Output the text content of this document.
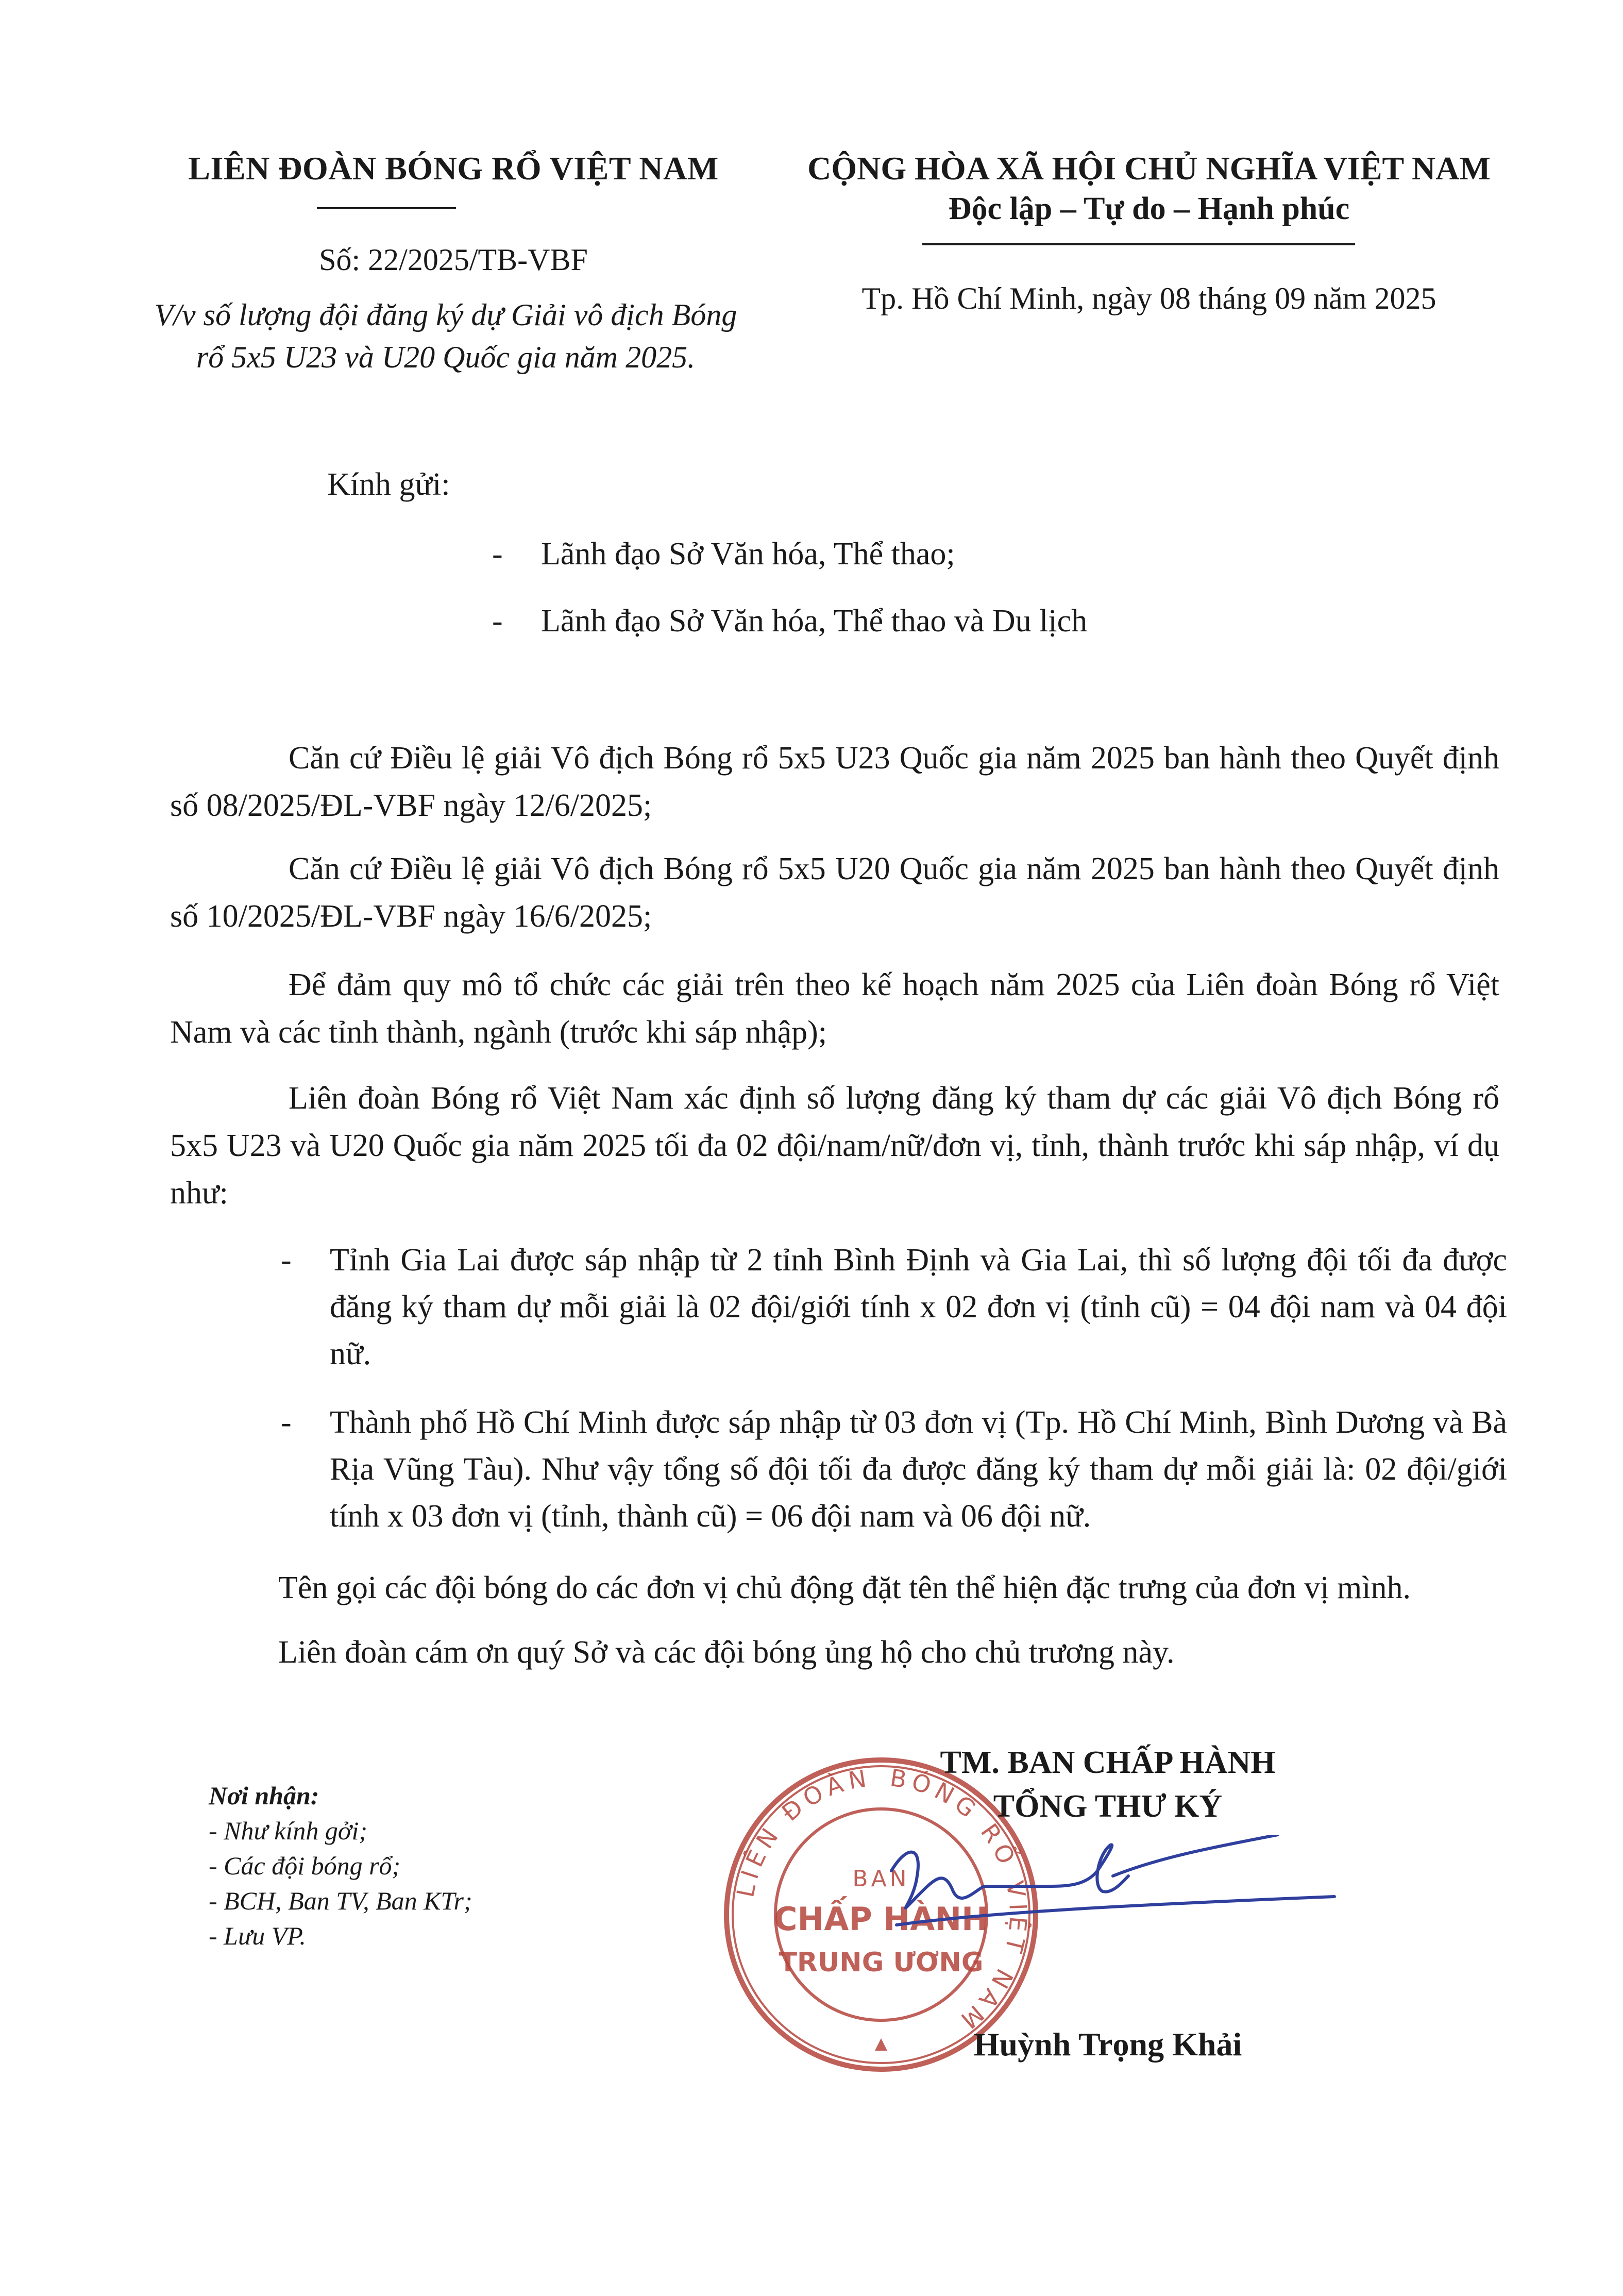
LIÊN ĐOÀN BÓNG RỔ VIỆT NAM
Số: 22/2025/TB-VBF
V/v số lượng đội đăng ký dự Giải vô địch Bóng rổ 5x5 U23 và U20 Quốc gia năm 2025.
CỘNG HÒA XÃ HỘI CHỦ NGHĨA VIỆT NAM
Độc lập – Tự do – Hạnh phúc
Tp. Hồ Chí Minh, ngày 08 tháng 09 năm 2025
Kính gửi:
- Lãnh đạo Sở Văn hóa, Thể thao;
- Lãnh đạo Sở Văn hóa, Thể thao và Du lịch
Căn cứ Điều lệ giải Vô địch Bóng rổ 5x5 U23 Quốc gia năm 2025 ban hành theo Quyết định số 08/2025/ĐL-VBF ngày 12/6/2025;
Căn cứ Điều lệ giải Vô địch Bóng rổ 5x5 U20 Quốc gia năm 2025 ban hành theo Quyết định số 10/2025/ĐL-VBF ngày 16/6/2025;
Để đảm quy mô tổ chức các giải trên theo kế hoạch năm 2025 của Liên đoàn Bóng rổ Việt Nam và các tỉnh thành, ngành (trước khi sáp nhập);
Liên đoàn Bóng rổ Việt Nam xác định số lượng đăng ký tham dự các giải Vô địch Bóng rổ 5x5 U23 và U20 Quốc gia năm 2025 tối đa 02 đội/nam/nữ/đơn vị, tỉnh, thành trước khi sáp nhập, ví dụ như:
- Tỉnh Gia Lai được sáp nhập từ 2 tỉnh Bình Định và Gia Lai, thì số lượng đội tối đa được đăng ký tham dự mỗi giải là 02 đội/giới tính x 02 đơn vị (tỉnh cũ) = 04 đội nam và 04 đội nữ.
- Thành phố Hồ Chí Minh được sáp nhập từ 03 đơn vị (Tp. Hồ Chí Minh, Bình Dương và Bà Rịa Vũng Tàu). Như vậy tổng số đội tối đa được đăng ký tham dự mỗi giải là: 02 đội/giới tính x 03 đơn vị (tỉnh, thành cũ) = 06 đội nam và 06 đội nữ.
Tên gọi các đội bóng do các đơn vị chủ động đặt tên thể hiện đặc trưng của đơn vị mình.
Liên đoàn cám ơn quý Sở và các đội bóng ủng hộ cho chủ trương này.
Nơi nhận:
- Như kính gởi;
- Các đội bóng rổ;
- BCH, Ban TV, Ban KTr;
- Lưu VP.
LIÊN ĐOÀN BÓNG RỔ
VIỆT NAM
BAN
CHẤP HÀNH
TRUNG ƯƠNG
TM. BAN CHẤP HÀNH
TỔNG THƯ KÝ
Huỳnh Trọng Khải
